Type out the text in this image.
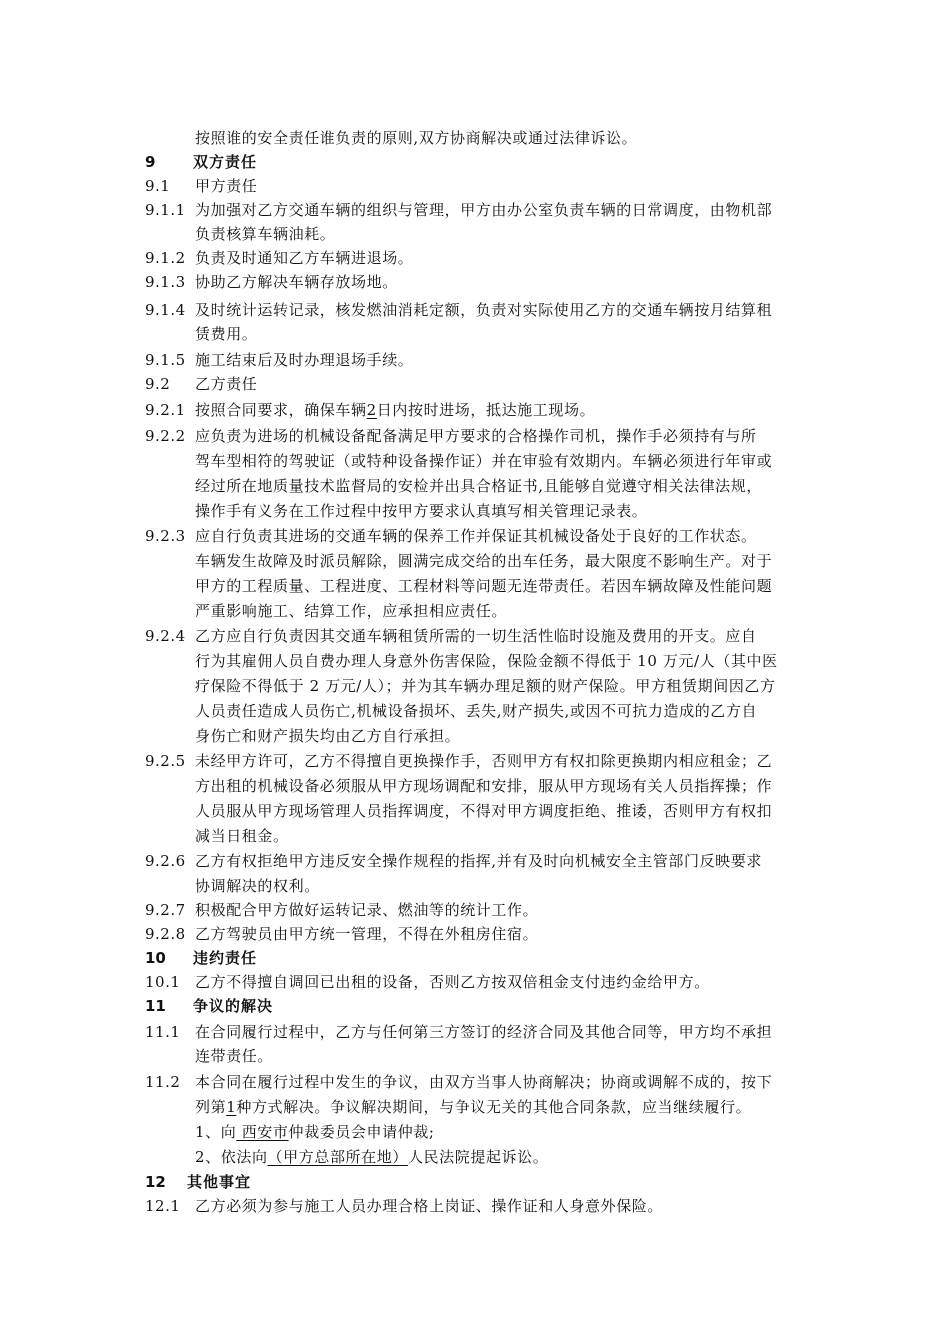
按照谁的安全责任谁负责的原则,双方协商解决或通过法律诉讼。
9	双方责任
9.1 甲方责任
9.1.1 为加强对乙方交通车辆的组织与管理，甲方由办公室负责车辆的日常调度，由物机部
负责核算车辆油耗。
9.1.2 负责及时通知乙方车辆进退场。
9.1.3 协助乙方解决车辆存放场地。
9.1.4 及时统计运转记录，核发燃油消耗定额，负责对实际使用乙方的交通车辆按月结算租
赁费用。
9.1.5 施工结束后及时办理退场手续。
9.2 乙方责任
9.2.1 按照合同要求，确保车辆2日内按时进场，抵达施工现场。
9.2.2 应负责为进场的机械设备配备满足甲方要求的合格操作司机，操作手必须持有与所
驾车型相符的驾驶证（或特种设备操作证）并在审验有效期内。车辆必须进行年审或
经过所在地质量技术监督局的安检并出具合格证书,且能够自觉遵守相关法律法规，
操作手有义务在工作过程中按甲方要求认真填写相关管理记录表。
9.2.3 应自行负责其进场的交通车辆的保养工作并保证其机械设备处于良好的工作状态。
车辆发生故障及时派员解除，圆满完成交给的出车任务，最大限度不影响生产。对于
甲方的工程质量、工程进度、工程材料等问题无连带责任。若因车辆故障及性能问题
严重影响施工、结算工作，应承担相应责任。
9.2.4 乙方应自行负责因其交通车辆租赁所需的一切生活性临时设施及费用的开支。应自
行为其雇佣人员自费办理人身意外伤害保险，保险金额不得低于 10 万元/人（其中医
疗保险不得低于 2 万元/人）；并为其车辆办理足额的财产保险。甲方租赁期间因乙方
人员责任造成人员伤亡,机械设备损坏、丢失,财产损失,或因不可抗力造成的乙方自
身伤亡和财产损失均由乙方自行承担。
9.2.5 未经甲方许可，乙方不得擅自更换操作手，否则甲方有权扣除更换期内相应租金；乙
方出租的机械设备必须服从甲方现场调配和安排，服从甲方现场有关人员指挥操；作
人员服从甲方现场管理人员指挥调度，不得对甲方调度拒绝、推诿，否则甲方有权扣
减当日租金。
9.2.6 乙方有权拒绝甲方违反安全操作规程的指挥,并有及时向机械安全主管部门反映要求
协调解决的权利。
9.2.7 积极配合甲方做好运转记录、燃油等的统计工作。
9.2.8 乙方驾驶员由甲方统一管理，不得在外租房住宿。
10 违约责任
10.1 乙方不得擅自调回已出租的设备，否则乙方按双倍租金支付违约金给甲方。
11 争议的解决
11.1 在合同履行过程中，乙方与任何第三方签订的经济合同及其他合同等，甲方均不承担
连带责任。
11.2 本合同在履行过程中发生的争议，由双方当事人协商解决；协商或调解不成的，按下
列第1种方式解决。争议解决期间，与争议无关的其他合同条款，应当继续履行。
1、向 西安市仲裁委员会申请仲裁;
2、依法向（甲方总部所在地）人民法院提起诉讼。
12 其他事宜
12.1 乙方必须为参与施工人员办理合格上岗证、操作证和人身意外保险。
